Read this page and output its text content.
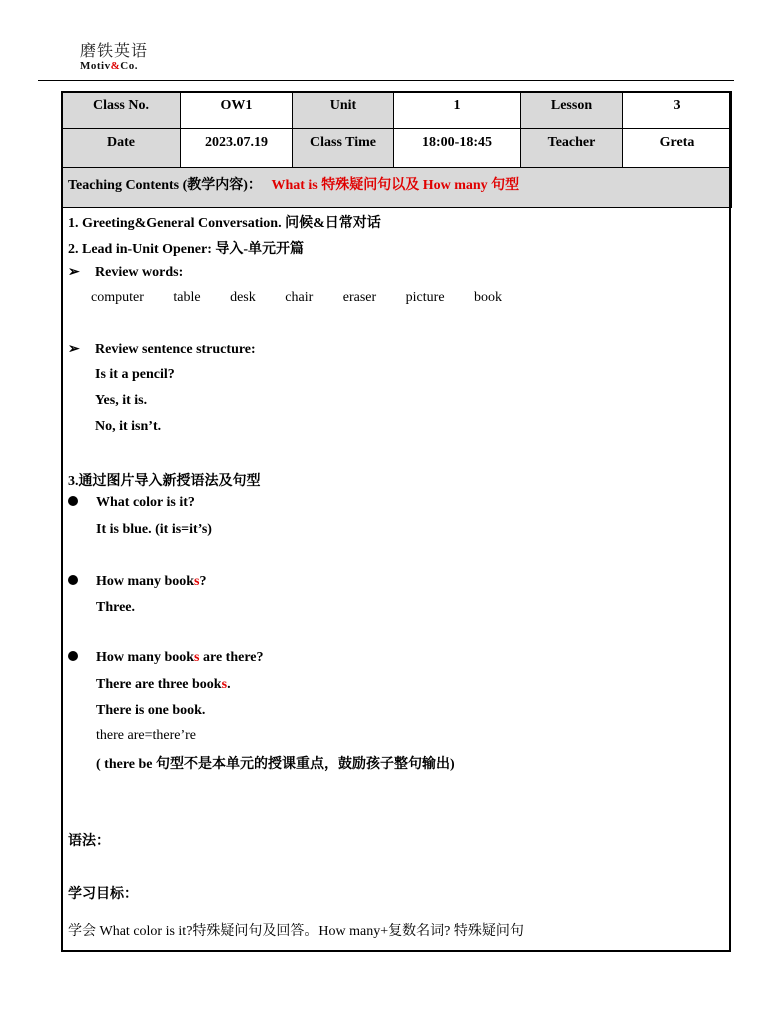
磨铁英语
Motiv&Co.
Class No.	OW1	Unit	1	Lesson	3
Date	2023.07.19	Class Time	18:00-18:45	Teacher	Greta
Teaching Contents (教学内容)： What is 特殊疑问句以及 How many 句型					
1. Greeting&General Conversation. 问候&日常对话
2. Lead in-Unit Opener: 导入-单元开篇
➢ Review words:
computer table desk chair eraser picture book
➢ Review sentence structure:
Is it a pencil?
Yes, it is.
No, it isn’t.
3.通过图片导入新授语法及句型
What color is it?
It is blue. (it is=it’s)
How many books?
Three.
How many books are there?
There are three books.
There is one book.
there are=there’re
( there be 句型不是本单元的授课重点，鼓励孩子整句输出)
语法：
学习目标：
学会 What color is it?特殊疑问句及回答。How many+复数名词? 特殊疑问句
